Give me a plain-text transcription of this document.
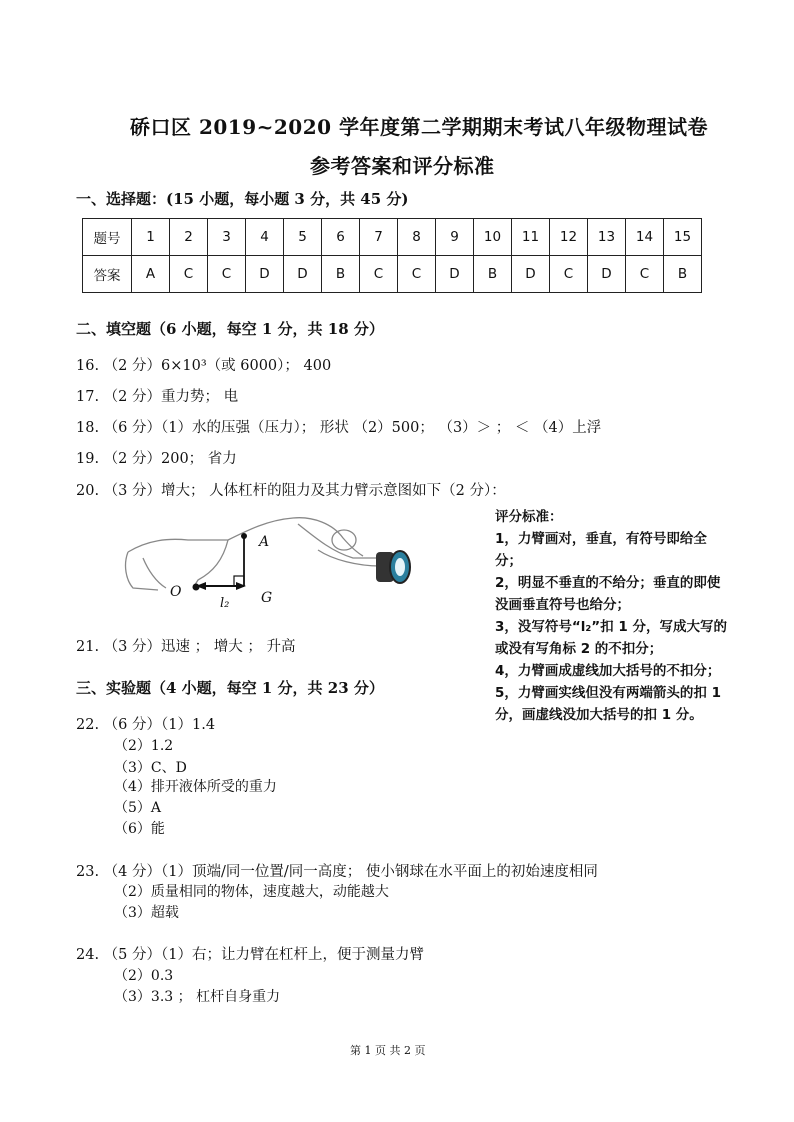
硚口区 2019~2020 学年度第二学期期末考试八年级物理试卷
参考答案和评分标准
一、选择题：(15 小题，每小题 3 分，共 45 分)
题号	1	2	3	4	5	6	7	8	9	10	11	12	13	14	15
答案	A	C	C	D	D	B	C	C	D	B	D	C	D	C	B
二、填空题（6 小题，每空 1 分，共 18 分）
16. （2 分）6×10³（或 6000）； 400
17. （2 分）重力势； 电
18. （6 分）（1）水的压强（压力）； 形状 （2）500； （3）＞ ； ＜ （4）上浮
19. （2 分）200； 省力
20. （3 分）增大； 人体杠杆的阻力及其力臂示意图如下（2 分）：
A
O
l₂ G
评分标准：
1，力臂画对，垂直，有符号即给全分；
2，明显不垂直的不给分；垂直的即使没画垂直符号也给分；
3，没写符号“l₂”扣 1 分，写成大写的或没有写角标 2 的不扣分；
4，力臂画成虚线加大括号的不扣分；
5，力臂画实线但没有两端箭头的扣 1 分，画虚线没加大括号的扣 1 分。
21. （3 分）迅速 ； 增大 ； 升高
三、实验题（4 小题，每空 1 分，共 23 分）
22. （6 分）（1）1.4
（2）1.2
（3）C、D
（4）排开液体所受的重力
（5）A
（6）能
23. （4 分）（1）顶端/同一位置/同一高度； 使小钢球在水平面上的初始速度相同
（2）质量相同的物体，速度越大，动能越大
（3）超载
24. （5 分）（1）右；让力臂在杠杆上，便于测量力臂
（2）0.3
（3）3.3 ； 杠杆自身重力
第 1 页 共 2 页
